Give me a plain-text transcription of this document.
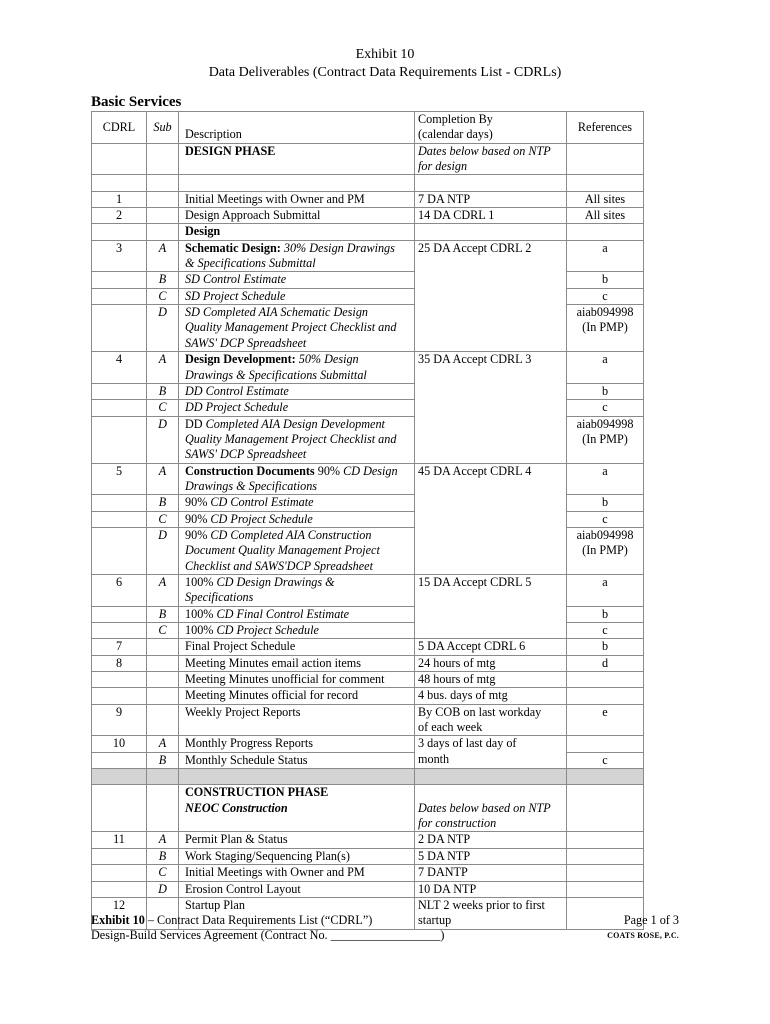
Exhibit 10
Data Deliverables (Contract Data Requirements List - CDRLs)
Basic Services
CDRL	Sub	Description	Completion By
(calendar days)	References

		DESIGN PHASE	Dates below based on NTP
for design	

1		Initial Meetings with Owner and PM	7 DA NTP	All sites

2		Design Approach Submittal	14 DA CDRL 1	All sites

		Design		

3	A	Schematic Design: 30% Design Drawings
& Specifications Submittal	25 DA Accept CDRL 2	a

	B	SD Control Estimate		b

	C	SD Project Schedule		c

	D	SD Completed AIA Schematic Design
Quality Management Project Checklist and
SAWS' DCP Spreadsheet		aiab094998
(In PMP)

4	A	Design Development: 50% Design
Drawings & Specifications Submittal	35 DA Accept CDRL 3	a

	B	DD Control Estimate		b

	C	DD Project Schedule		c

	D	DD Completed AIA Design Development
Quality Management Project Checklist and
SAWS' DCP Spreadsheet		aiab094998
(In PMP)

5	A	Construction Documents 90% CD Design
Drawings & Specifications	45 DA Accept CDRL 4	a

	B	90% CD Control Estimate		b

	C	90% CD Project Schedule		c

	D	90% CD Completed AIA Construction
Document Quality Management Project
Checklist and SAWS'DCP Spreadsheet		aiab094998
(In PMP)

6	A	100% CD Design Drawings &
Specifications	15 DA Accept CDRL 5	a

	B	100% CD Final Control Estimate		b

	C	100% CD Project Schedule		c

7		Final Project Schedule	5 DA Accept CDRL 6	b

8		Meeting Minutes email action items	24 hours of mtg	d

		Meeting Minutes unofficial for comment	48 hours of mtg	

		Meeting Minutes official for record	4 bus. days of mtg	

9		Weekly Project Reports	By COB on last workday
of each week	e

10	A	Monthly Progress Reports	3 days of last day of
month	

	B	Monthly Schedule Status		c

		CONSTRUCTION PHASE
NEOC Construction	Dates below based on NTP
for construction	

11	A	Permit Plan & Status	2 DA NTP	

	B	Work Staging/Sequencing Plan(s)	5 DA NTP	

	C	Initial Meetings with Owner and PM	7 DANTP	

	D	Erosion Control Layout	10 DA NTP	

12		Startup Plan	NLT 2 weeks prior to first
startup	

Exhibit 10 – Contract Data Requirements List (“CDRL”)
Design-Build Services Agreement (Contract No. __________________)
Page 1 of 3
COATS ROSE, P.C.
